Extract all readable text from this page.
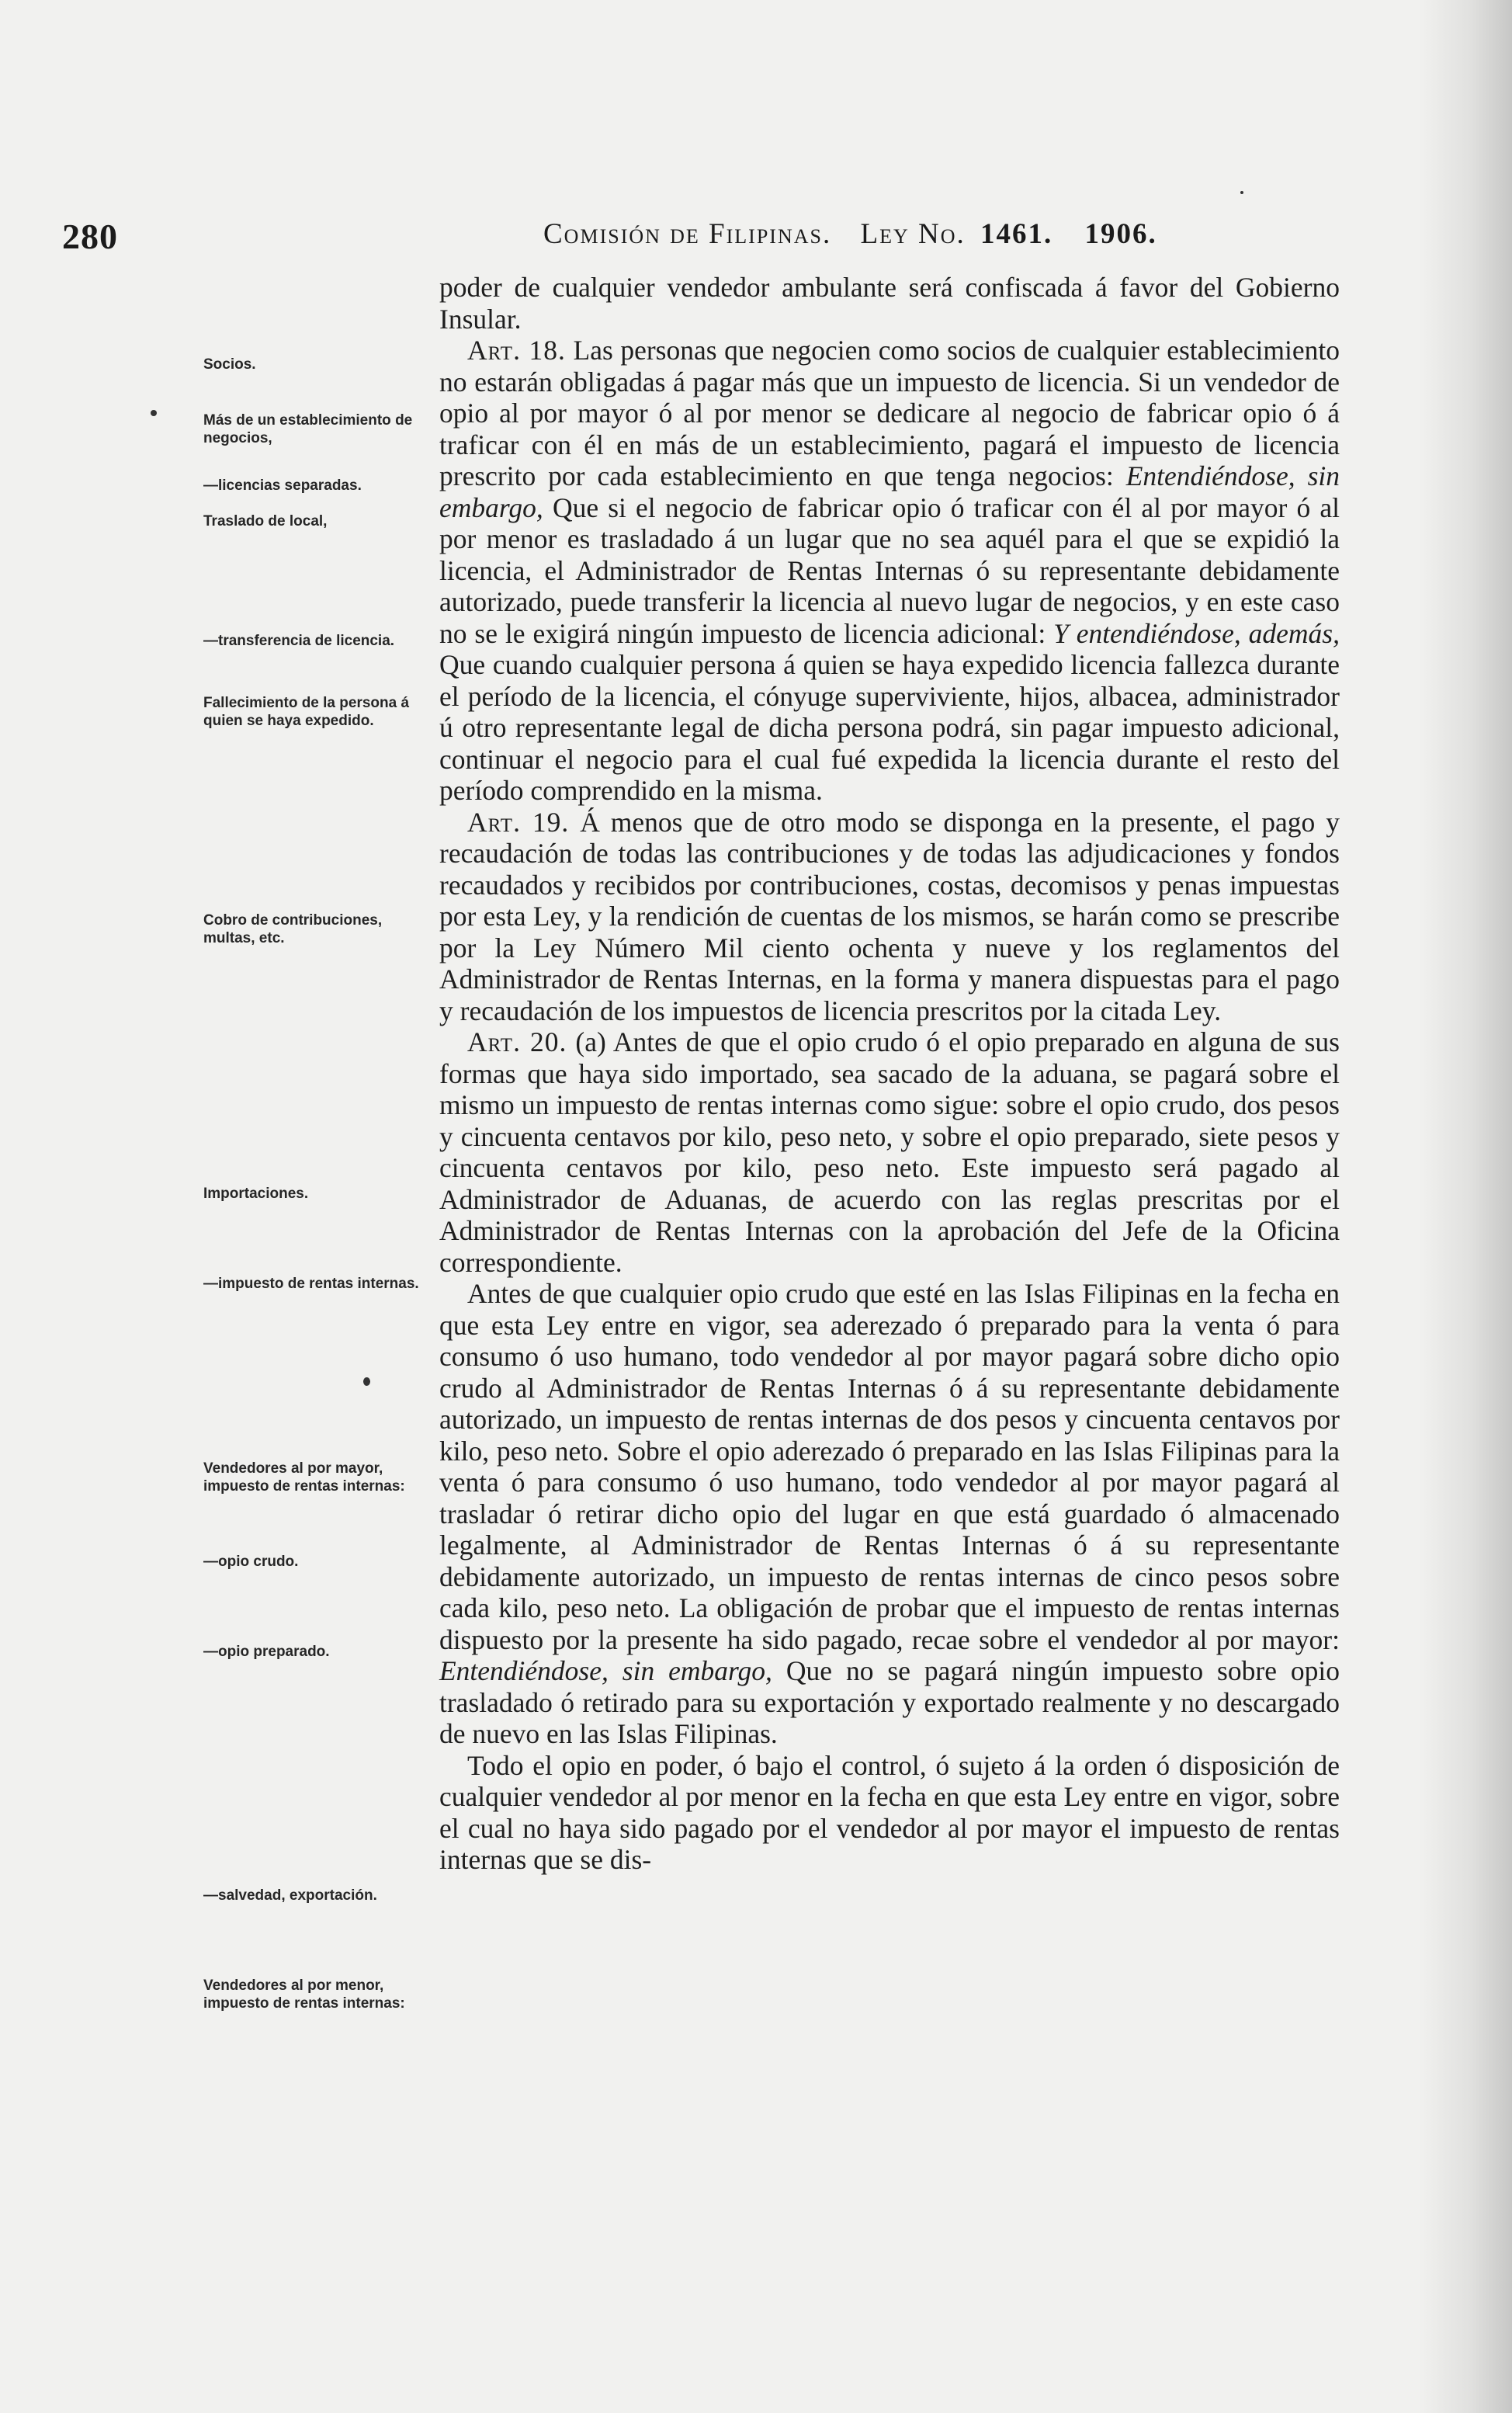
280	Comisión de Filipinas. Ley No. 1461. 1906.
Socios.
Más de un establecimiento de negocios,
—licencias separadas.
Traslado de local,
—transferencia de licencia.
Fallecimiento de la persona á quien se haya expedido.
Cobro de contribuciones, multas, etc.
Importaciones.
—impuesto de rentas internas.
Vendedores al por mayor, impuesto de rentas internas:
—opio crudo.
—opio preparado.
—salvedad, exportación.
Vendedores al por menor, impuesto de rentas internas:

poder de cualquier vendedor ambulante será confiscada á favor del Gobierno Insular.

Art. 18. Las personas que negocien como socios de cualquier establecimiento no estarán obligadas á pagar más que un impuesto de licencia. Si un vendedor de opio al por mayor ó al por menor se dedicare al negocio de fabricar opio ó á traficar con él en más de un establecimiento, pagará el impuesto de licencia prescrito por cada establecimiento en que tenga negocios: Entendiéndose, sin embargo, Que si el negocio de fabricar opio ó traficar con él al por mayor ó al por menor es trasladado á un lugar que no sea aquél para el que se expidió la licencia, el Administrador de Rentas Internas ó su representante debidamente autorizado, puede transferir la licencia al nuevo lugar de negocios, y en este caso no se le exigirá ningún impuesto de licencia adicional: Y entendiéndose, además, Que cuando cualquier persona á quien se haya expedido licencia fallezca durante el período de la licencia, el cónyuge superviviente, hijos, albacea, administrador ú otro representante legal de dicha persona podrá, sin pagar impuesto adicional, continuar el negocio para el cual fué expedida la licencia durante el resto del período comprendido en la misma.

Art. 19. Á menos que de otro modo se disponga en la presente, el pago y recaudación de todas las contribuciones y de todas las adjudicaciones y fondos recaudados y recibidos por contribuciones, costas, decomisos y penas impuestas por esta Ley, y la rendición de cuentas de los mismos, se harán como se prescribe por la Ley Número Mil ciento ochenta y nueve y los reglamentos del Administrador de Rentas Internas, en la forma y manera dispuestas para el pago y recaudación de los impuestos de licencia prescritos por la citada Ley.

Art. 20. (a) Antes de que el opio crudo ó el opio preparado en alguna de sus formas que haya sido importado, sea sacado de la aduana, se pagará sobre el mismo un impuesto de rentas internas como sigue: sobre el opio crudo, dos pesos y cincuenta centavos por kilo, peso neto, y sobre el opio preparado, siete pesos y cincuenta centavos por kilo, peso neto. Este impuesto será pagado al Administrador de Aduanas, de acuerdo con las reglas prescritas por el Administrador de Rentas Internas con la aprobación del Jefe de la Oficina correspondiente.

Antes de que cualquier opio crudo que esté en las Islas Filipinas en la fecha en que esta Ley entre en vigor, sea aderezado ó preparado para la venta ó para consumo ó uso humano, todo vendedor al por mayor pagará sobre dicho opio crudo al Administrador de Rentas Internas ó á su representante debidamente autorizado, un impuesto de rentas internas de dos pesos y cincuenta centavos por kilo, peso neto. Sobre el opio aderezado ó preparado en las Islas Filipinas para la venta ó para consumo ó uso humano, todo vendedor al por mayor pagará al trasladar ó retirar dicho opio del lugar en que está guardado ó almacenado legalmente, al Administrador de Rentas Internas ó á su representante debidamente autorizado, un impuesto de rentas internas de cinco pesos sobre cada kilo, peso neto. La obligación de probar que el impuesto de rentas internas dispuesto por la presente ha sido pagado, recae sobre el vendedor al por mayor: Entendiéndose, sin embargo, Que no se pagará ningún impuesto sobre opio trasladado ó retirado para su exportación y exportado realmente y no descargado de nuevo en las Islas Filipinas.

Todo el opio en poder, ó bajo el control, ó sujeto á la orden ó disposición de cualquier vendedor al por menor en la fecha en que esta Ley entre en vigor, sobre el cual no haya sido pagado por el vendedor al por mayor el impuesto de rentas internas que se dis-
